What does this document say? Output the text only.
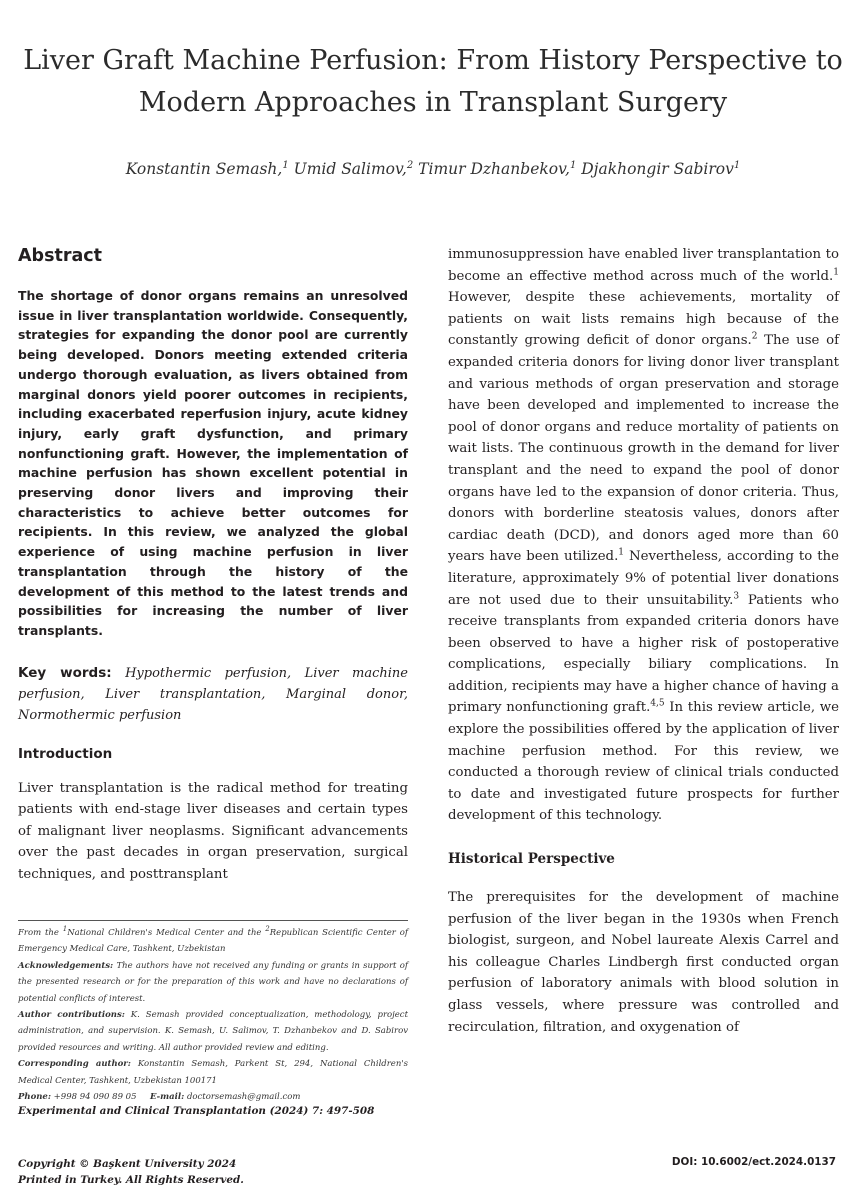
Liver Graft Machine Perfusion: From History Perspective to
Modern Approaches in Transplant Surgery
Konstantin Semash,$^1$ Umid Salimov,$^2$ Timur Dzhanbekov,$^1$ Djakhongir Sabirov$^1$
Abstract

The shortage of donor organs remains an unresolved issue in liver transplantation worldwide. Consequently, strategies for expanding the donor pool are currently being developed. Donors meeting extended criteria undergo thorough evaluation, as livers obtained from marginal donors yield poorer outcomes in recipients, including exacerbated reperfusion injury, acute kidney injury, early graft dysfunction, and primary nonfunctioning graft. However, the implementation of machine perfusion has shown excellent potential in preserving donor livers and improving their characteristics to achieve better outcomes for recipients. In this review, we analyzed the global experience of using machine perfusion in liver transplantation through the history of the development of this method to the latest trends and possibilities for increasing the number of liver transplants.

Key words: Hypothermic perfusion, Liver machine perfusion, Liver transplantation, Marginal donor, Normothermic perfusion

Introduction

Liver transplantation is the radical method for treating patients with end-stage liver diseases and certain types of malignant liver neoplasms. Significant advancements over the past decades in organ preservation, surgical techniques, and posttransplant

From the $^1$National Children's Medical Center and the $^2$Republican Scientific Center of Emergency Medical Care, Tashkent, Uzbekistan

Acknowledgements: The authors have not received any funding or grants in support of the presented research or for the preparation of this work and have no declarations of potential conflicts of interest.

Author contributions: K. Semash provided conceptualization, methodology, project administration, and supervision. K. Semash, U. Salimov, T. Dzhanbekov and D. Sabirov provided resources and writing. All author provided review and editing.

Corresponding author: Konstantin Semash, Parkent St, 294, National Children's Medical Center, Tashkent, Uzbekistan 100171

Phone: +998 94 090 89 05 E-mail: doctorsemash@gmail.com

Experimental and Clinical Transplantation (2024) 7: 497-508

immunosuppression have enabled liver transplantation to become an effective method across much of the world.$^1$ However, despite these achievements, mortality of patients on wait lists remains high because of the constantly growing deficit of donor organs.$^2$ The use of expanded criteria donors for living donor liver transplant and various methods of organ preservation and storage have been developed and implemented to increase the pool of donor organs and reduce mortality of patients on wait lists. The continuous growth in the demand for liver transplant and the need to expand the pool of donor organs have led to the expansion of donor criteria. Thus, donors with borderline steatosis values, donors after cardiac death (DCD), and donors aged more than 60 years have been utilized.$^1$ Nevertheless, according to the literature, approximately 9% of potential liver donations are not used due to their unsuitability.$^3$ Patients who receive transplants from expanded criteria donors have been observed to have a higher risk of postoperative complications, especially biliary complications. In addition, recipients may have a higher chance of having a primary nonfunctioning graft.$^{4,5}$ In this review article, we explore the possibilities offered by the application of liver machine perfusion method. For this review, we conducted a thorough review of clinical trials conducted to date and investigated future prospects for further development of this technology.

Historical Perspective

The prerequisites for the development of machine perfusion of the liver began in the 1930s when French biologist, surgeon, and Nobel laureate Alexis Carrel and his colleague Charles Lindbergh first conducted organ perfusion of laboratory animals with blood solution in glass vessels, where pressure was controlled and recirculation, filtration, and oxygenation of

Copyright © Başkent University 2024

Printed in Turkey. All Rights Reserved.

DOI: 10.6002/ect.2024.0137
